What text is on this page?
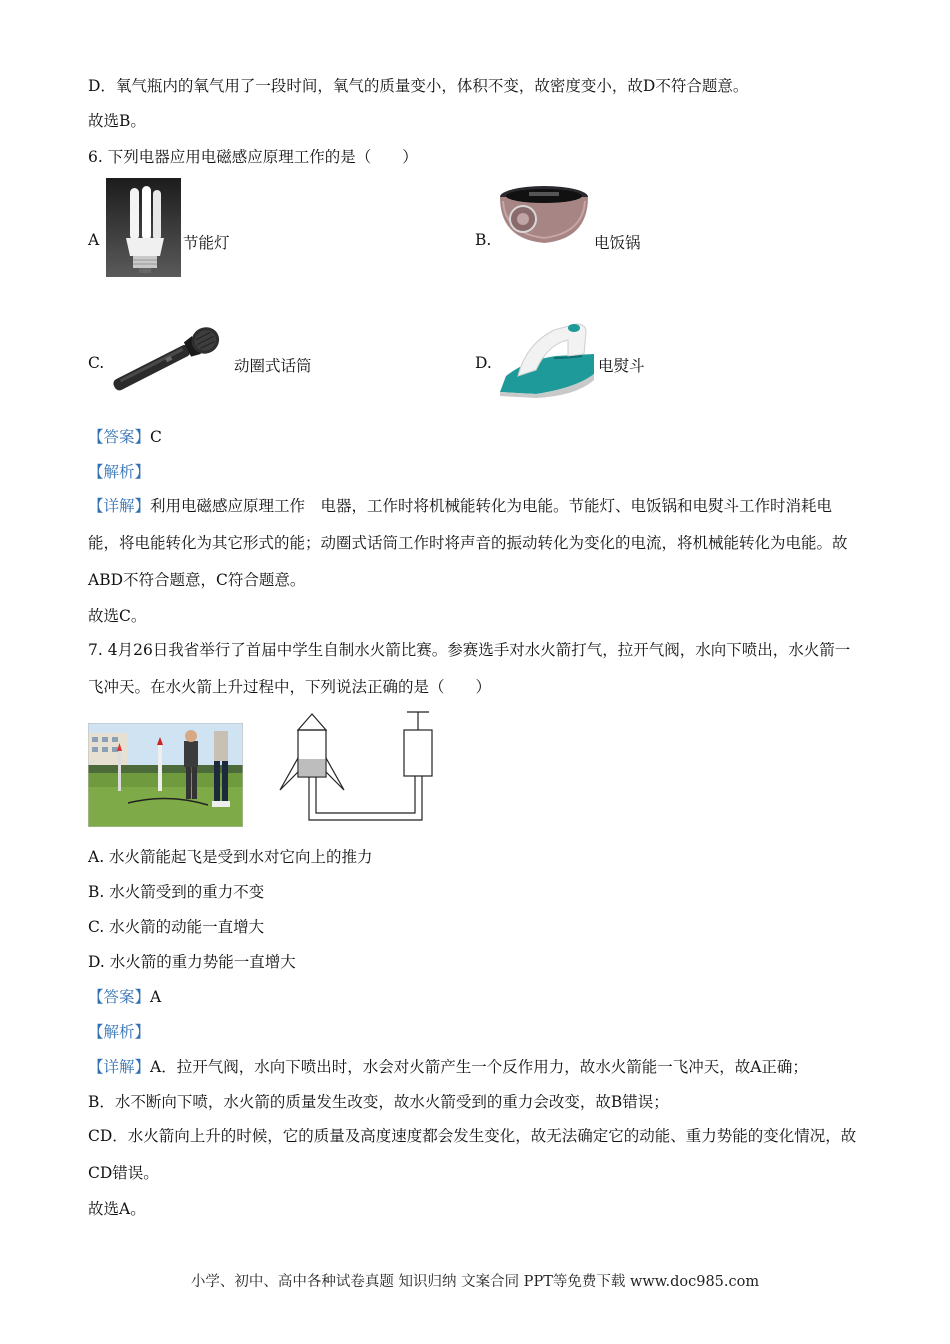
D．氧气瓶内的氧气用了一段时间，氧气的质量变小，体积不变，故密度变小，故D不符合题意。
故选B。
6. 下列电器应用电磁感应原理工作的是（　　）
A	节能灯	B.	电饭锅
C.	动圈式话筒	D.	电熨斗
【答案】C
【解析】
【详解】利用电磁感应原理工作　电器，工作时将机械能转化为电能。节能灯、电饭锅和电熨斗工作时消耗电能，将电能转化为其它形式的能；动圈式话筒工作时将声音的振动转化为变化的电流，将机械能转化为电能。故ABD不符合题意，C符合题意。
故选C。
7. 4月26日我省举行了首届中学生自制水火箭比赛。参赛选手对水火箭打气，拉开气阀，水向下喷出，水火箭一飞冲天。在水火箭上升过程中，下列说法正确的是（　　）
A. 水火箭能起飞是受到水对它向上的推力
B. 水火箭受到的重力不变
C. 水火箭的动能一直增大
D. 水火箭的重力势能一直增大
【答案】A
【解析】
【详解】A．拉开气阀，水向下喷出时，水会对火箭产生一个反作用力，故水火箭能一飞冲天，故A正确；
B．水不断向下喷，水火箭的质量发生改变，故水火箭受到的重力会改变，故B错误；
CD．水火箭向上升的时候，它的质量及高度速度都会发生变化，故无法确定它的动能、重力势能的变化情况，故CD错误。
故选A。
小学、初中、高中各种试卷真题 知识归纳 文案合同 PPT等免费下载 www.doc985.com
